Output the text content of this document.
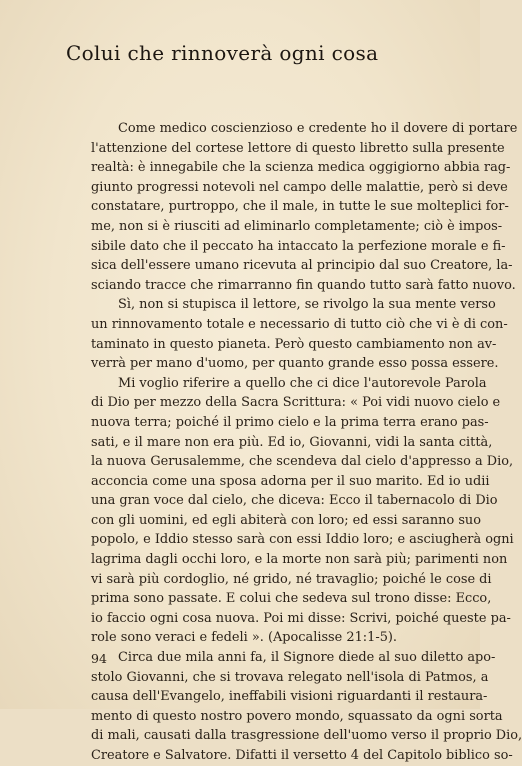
Colui che rinnoverà ogni cosa

Come medico coscienzioso e credente ho il dovere di portare
l'attenzione del cortese lettore di questo libretto sulla presente
realtà: è innegabile che la scienza medica oggigiorno abbia rag-
giunto progressi notevoli nel campo delle malattie, però si deve
constatare, purtroppo, che il male, in tutte le sue molteplici for-
me, non si è riusciti ad eliminarlo completamente; ciò è impos-
sibile dato che il peccato ha intaccato la perfezione morale e fi-
sica dell'essere umano ricevuta al principio dal suo Creatore, la-
sciando tracce che rimarranno fin quando tutto sarà fatto nuovo.

Sì, non si stupisca il lettore, se rivolgo la sua mente verso
un rinnovamento totale e necessario di tutto ciò che vi è di con-
taminato in questo pianeta. Però questo cambiamento non av-
verrà per mano d'uomo, per quanto grande esso possa essere.

Mi voglio riferire a quello che ci dice l'autorevole Parola
di Dio per mezzo della Sacra Scrittura: « Poi vidi nuovo cielo e
nuova terra; poiché il primo cielo e la prima terra erano pas-
sati, e il mare non era più. Ed io, Giovanni, vidi la santa città,
la nuova Gerusalemme, che scendeva dal cielo d'appresso a Dio,
acconcia come una sposa adorna per il suo marito. Ed io udii
una gran voce dal cielo, che diceva: Ecco il tabernacolo di Dio
con gli uomini, ed egli abiterà con loro; ed essi saranno suo
popolo, e Iddio stesso sarà con essi Iddio loro; e asciugherà ogni
lagrima dagli occhi loro, e la morte non sarà più; parimenti non
vi sarà più cordoglio, né grido, né travaglio; poiché le cose di
prima sono passate. E colui che sedeva sul trono disse: Ecco,
io faccio ogni cosa nuova. Poi mi disse: Scrivi, poiché queste pa-
role sono veraci e fedeli ». (Apocalisse 21:1-5).

Circa due mila anni fa, il Signore diede al suo diletto apo-
stolo Giovanni, che si trovava relegato nell'isola di Patmos, a
causa dell'Evangelo, ineffabili visioni riguardanti il restaura-
mento di questo nostro povero mondo, squassato da ogni sorta
di mali, causati dalla trasgressione dell'uomo verso il proprio Dio,
Creatore e Salvatore. Difatti il versetto 4 del Capitolo biblico so-

94
